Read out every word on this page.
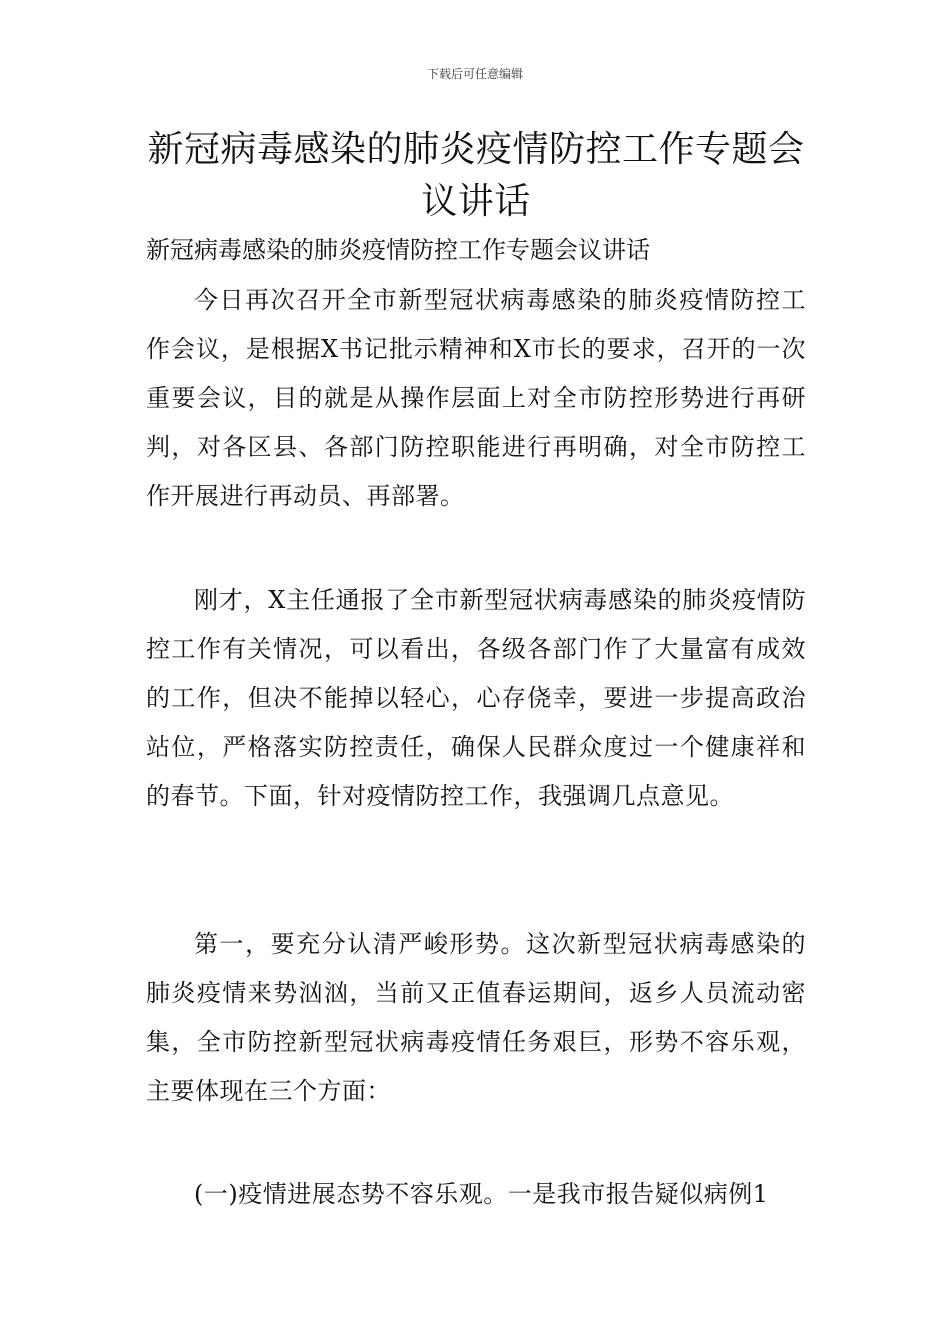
下载后可任意编辑
新冠病毒感染的肺炎疫情防控工作专题会议讲话

新冠病毒感染的肺炎疫情防控工作专题会议讲话

今日再次召开全市新型冠状病毒感染的肺炎疫情防控工作会议，是根据X书记批示精神和X市长的要求，召开的一次重要会议，目的就是从操作层面上对全市防控形势进行再研判，对各区县、各部门防控职能进行再明确，对全市防控工作开展进行再动员、再部署。

刚才，X主任通报了全市新型冠状病毒感染的肺炎疫情防控工作有关情况，可以看出，各级各部门作了大量富有成效的工作，但决不能掉以轻心，心存侥幸，要进一步提高政治站位，严格落实防控责任，确保人民群众度过一个健康祥和的春节。下面，针对疫情防控工作，我强调几点意见。

第一，要充分认清严峻形势。这次新型冠状病毒感染的肺炎疫情来势汹汹，当前又正值春运期间，返乡人员流动密集，全市防控新型冠状病毒疫情任务艰巨，形势不容乐观，主要体现在三个方面：

(一)疫情进展态势不容乐观。一是我市报告疑似病例1
